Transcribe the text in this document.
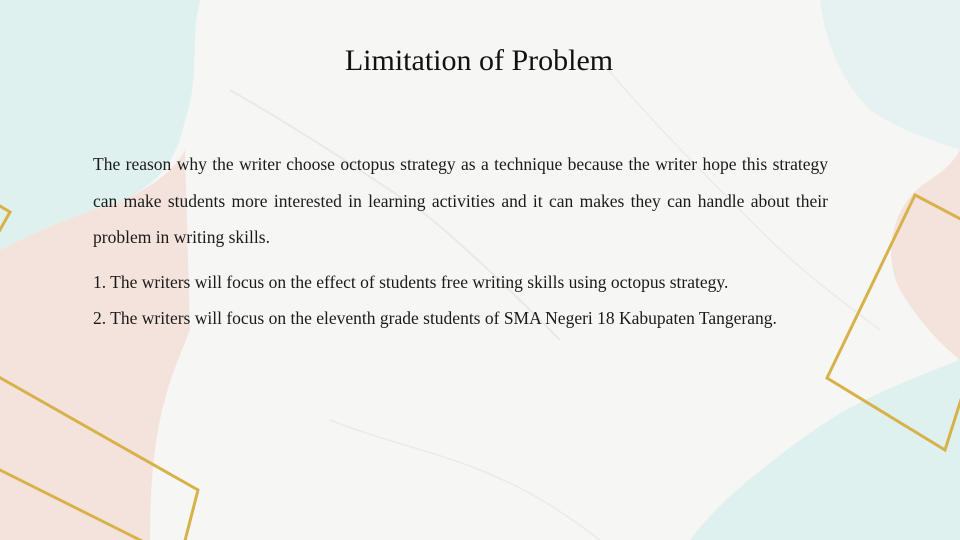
Limitation of Problem

The reason why the writer choose octopus strategy as a technique because the writer hope this strategy can make students more interested in learning activities and it can makes they can handle about their problem in writing skills.

1. The writers will focus on the effect of students free writing skills using octopus strategy.

2. The writers will focus on the eleventh grade students of SMA Negeri 18 Kabupaten Tangerang.
